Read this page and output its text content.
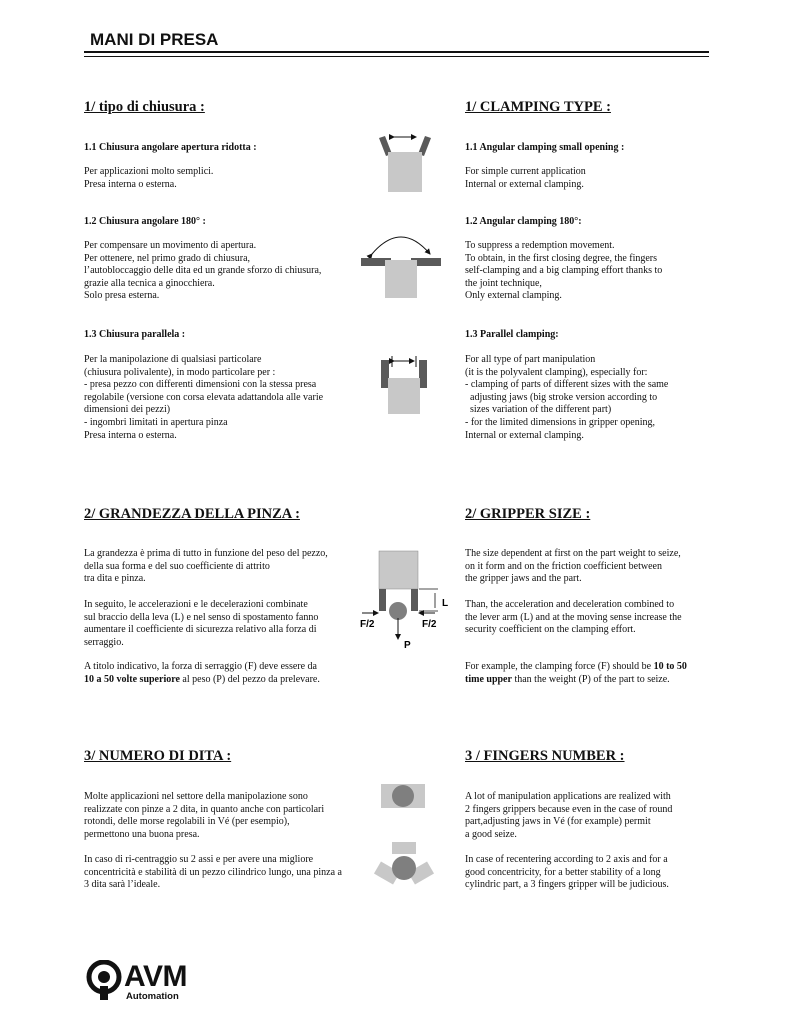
MANI DI PRESA
1/ tipo di chiusura :	1/ CLAMPING TYPE :
1.1 Chiusura angolare apertura ridotta :
Per applicazioni molto semplici.
Presa interna o esterna.
1.1 Angular clamping small opening :
For simple current application
Internal or external clamping.
1.2 Chiusura angolare 180° :
Per compensare un movimento di apertura.
Per ottenere, nel primo grado di chiusura,
l’autobloccaggio delle dita ed un grande sforzo di chiusura,
grazie alla tecnica a ginocchiera.
Solo presa esterna.
1.2 Angular clamping 180°:
To suppress a redemption movement.
To obtain, in the first closing degree, the fingers
self-clamping and a big clamping effort thanks to
the joint technique,
Only external clamping.
1.3 Chiusura parallela :
Per la manipolazione di qualsiasi particolare
(chiusura polivalente), in modo particolare per :
- presa pezzo con differenti dimensioni con la stessa presa
regolabile (versione con corsa elevata adattandola alle varie
dimensioni dei pezzi)
- ingombri limitati in apertura pinza
Presa interna o esterna.
1.3 Parallel clamping:
For all type of part manipulation
(it is the polyvalent clamping), especially for:
- clamping of parts of different sizes with the same
adjusting jaws (big stroke version according to
sizes variation of the different part)
- for the limited dimensions in gripper opening,
Internal or external clamping.
2/ GRANDEZZA DELLA PINZA :	2/ GRIPPER SIZE :
La grandezza è prima di tutto in funzione del peso del pezzo,
della sua forma e del suo coefficiente di attrito
tra dita e pinza.
In seguito, le accelerazioni e le decelerazioni combinate
sul braccio della leva (L) e nel senso di spostamento fanno
aumentare il coefficiente di sicurezza relativo alla forza di
serraggio.
A titolo indicativo, la forza di serraggio (F) deve essere da
10 a 50 volte superiore al peso (P) del pezzo da prelevare.
The size dependent at first on the part weight to seize,
on it form and on the friction coefficient between
the gripper jaws and the part.
Than, the acceleration and deceleration combined to
the lever arm (L) and at the moving sense increase the
security coefficient on the clamping effort.
For example, the clamping force (F) should be 10 to 50
time upper than the weight (P) of the part to seize.
L
F/2	F/2
P
3/ NUMERO DI DITA :	3 / FINGERS NUMBER :
Molte applicazioni nel settore della manipolazione sono
realizzate con pinze a 2 dita, in quanto anche con particolari
rotondi, delle morse regolabili in Vé (per esempio),
permettono una buona presa.
In caso di ri-centraggio su 2 assi e per avere una migliore
concentricità e stabilità di un pezzo cilindrico lungo, una pinza a
3 dita sarà l’ideale.
A lot of manipulation applications are realized with
2 fingers grippers because even in the case of round
part,adjusting jaws in Vé (for example) permit
a good seize.
In case of recentering according to 2 axis and for a
good concentricity, for a better stability of a long
cylindric part, a 3 fingers gripper will be judicious.
AVM
Automation
